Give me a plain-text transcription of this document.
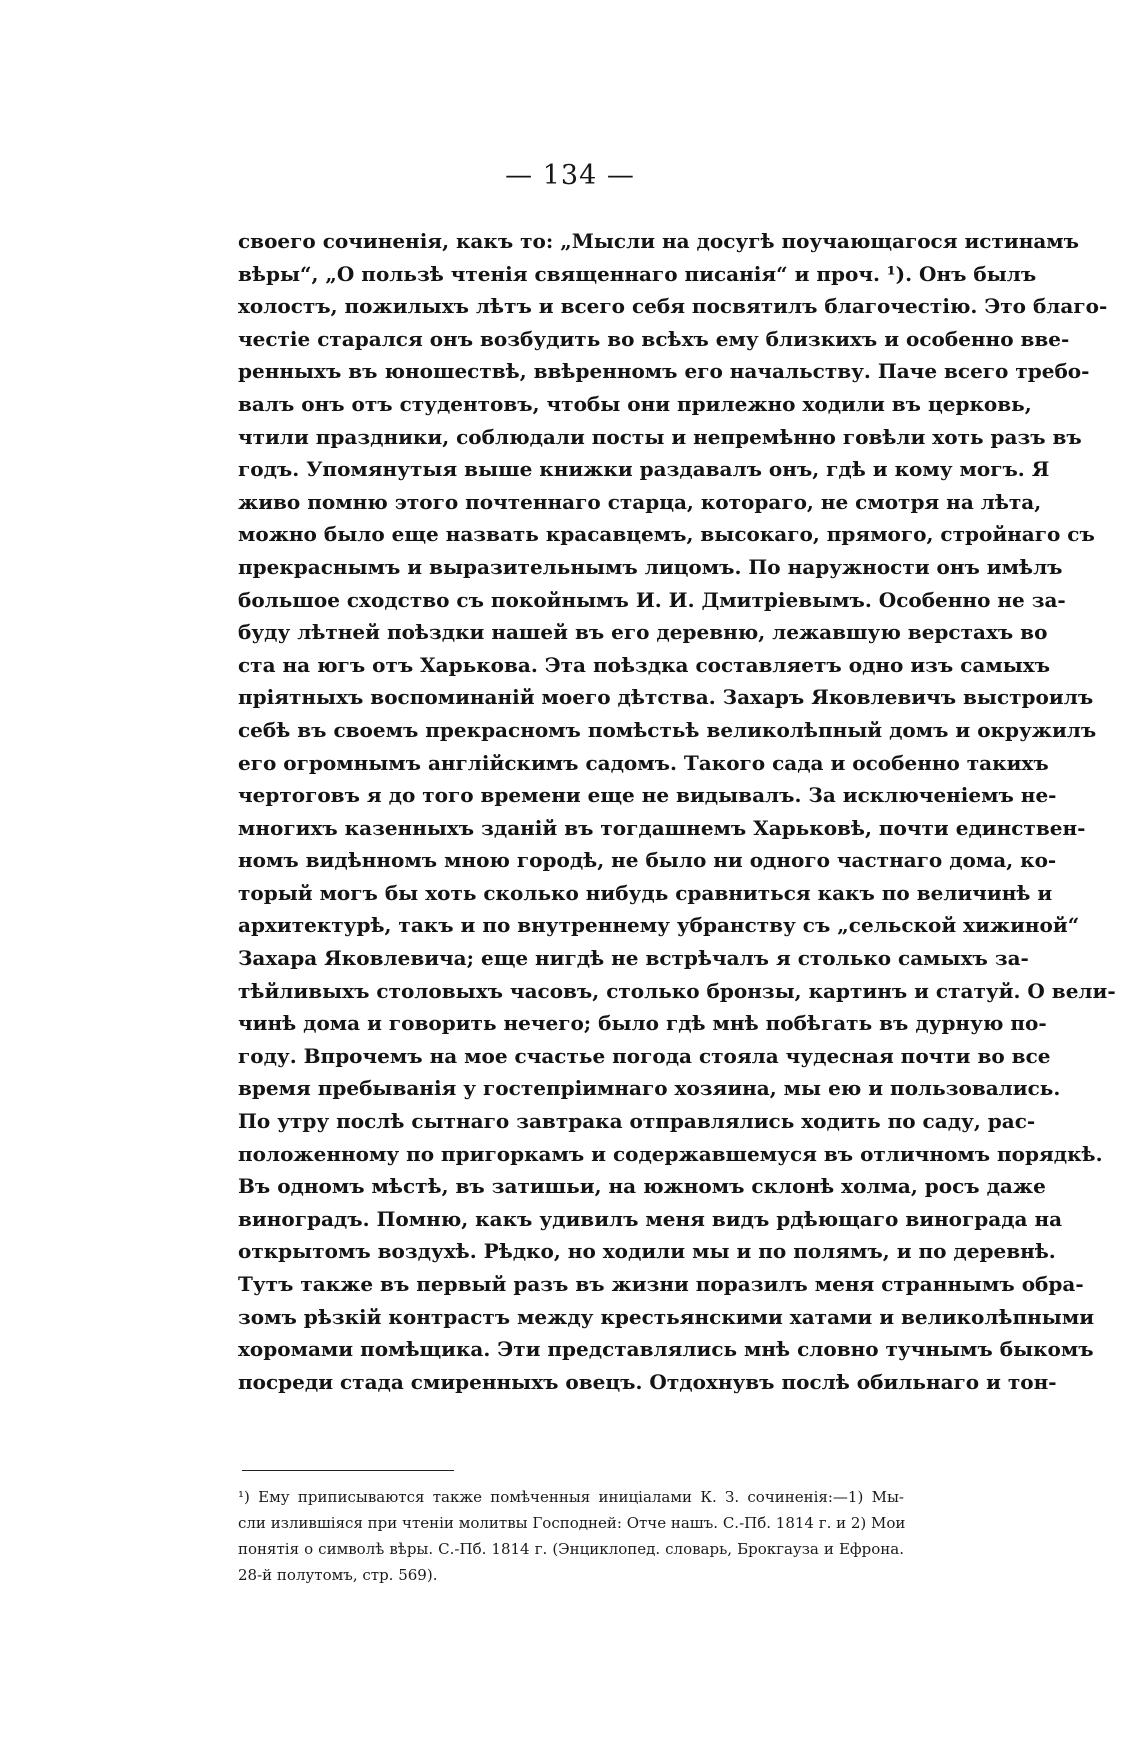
— 134 —
своего сочиненія, какъ то: „Мысли на досугѣ поучающагося истинамъ
вѣры“, „О пользѣ чтенія священнаго писанія“ и проч. ¹). Онъ былъ
холостъ, пожилыхъ лѣтъ и всего себя посвятилъ благочестію. Это благо-
честіе старался онъ возбудить во всѣхъ ему близкихъ и особенно вве-
ренныхъ въ юношествѣ, ввѣренномъ его начальству. Паче всего требо-
валъ онъ отъ студентовъ, чтобы они прилежно ходили въ церковь,
чтили праздники, соблюдали посты и непремѣнно говѣли хоть разъ въ
годъ. Упомянутыя выше книжки раздавалъ онъ, гдѣ и кому могъ. Я
живо помню этого почтеннаго старца, котораго, не смотря на лѣта,
можно было еще назвать красавцемъ, высокаго, прямого, стройнаго съ
прекраснымъ и выразительнымъ лицомъ. По наружности онъ имѣлъ
большое сходство съ покойнымъ И. И. Дмитріевымъ. Особенно не за-
буду лѣтней поѣздки нашей въ его деревню, лежавшую верстахъ во
ста на югъ отъ Харькова. Эта поѣздка составляетъ одно изъ самыхъ
пріятныхъ воспоминаній моего дѣтства. Захаръ Яковлевичъ выстроилъ
себѣ въ своемъ прекрасномъ помѣстьѣ великолѣпный домъ и окружилъ
его огромнымъ англійскимъ садомъ. Такого сада и особенно такихъ
чертоговъ я до того времени еще не видывалъ. За исключеніемъ не-
многихъ казенныхъ зданій въ тогдашнемъ Харьковѣ, почти единствен-
номъ видѣнномъ мною городѣ, не было ни одного частнаго дома, ко-
торый могъ бы хоть сколько нибудь сравниться какъ по величинѣ и
архитектурѣ, такъ и по внутреннему убранству съ „сельской хижиной“
Захара Яковлевича; еще нигдѣ не встрѣчалъ я столько самыхъ за-
тѣйливыхъ столовыхъ часовъ, столько бронзы, картинъ и статуй. О вели-
чинѣ дома и говорить нечего; было гдѣ мнѣ побѣгать въ дурную по-
году. Впрочемъ на мое счастье погода стояла чудесная почти во все
время пребыванія у гостепріимнаго хозяина, мы ею и пользовались.
По утру послѣ сытнаго завтрака отправлялись ходить по саду, рас-
положенному по пригоркамъ и содержавшемуся въ отличномъ порядкѣ.
Въ одномъ мѣстѣ, въ затишьи, на южномъ склонѣ холма, росъ даже
виноградъ. Помню, какъ удивилъ меня видъ рдѣющаго винограда на
открытомъ воздухѣ. Рѣдко, но ходили мы и по полямъ, и по деревнѣ.
Тутъ также въ первый разъ въ жизни поразилъ меня страннымъ обра-
зомъ рѣзкій контрастъ между крестьянскими хатами и великолѣпными
хоромами помѣщика. Эти представлялись мнѣ словно тучнымъ быкомъ
посреди стада смиренныхъ овецъ. Отдохнувъ послѣ обильнаго и тон-
¹) Ему приписываются также помѣченныя иниціалами К. З. сочиненія:—1) Мы-
сли излившіяся при чтеніи молитвы Господней: Отче нашъ. С.-Пб. 1814 г. и 2) Мои
понятія о символѣ вѣры. С.-Пб. 1814 г. (Энциклопед. словарь, Брокгауза и Ефрона.
28-й полутомъ, стр. 569).
